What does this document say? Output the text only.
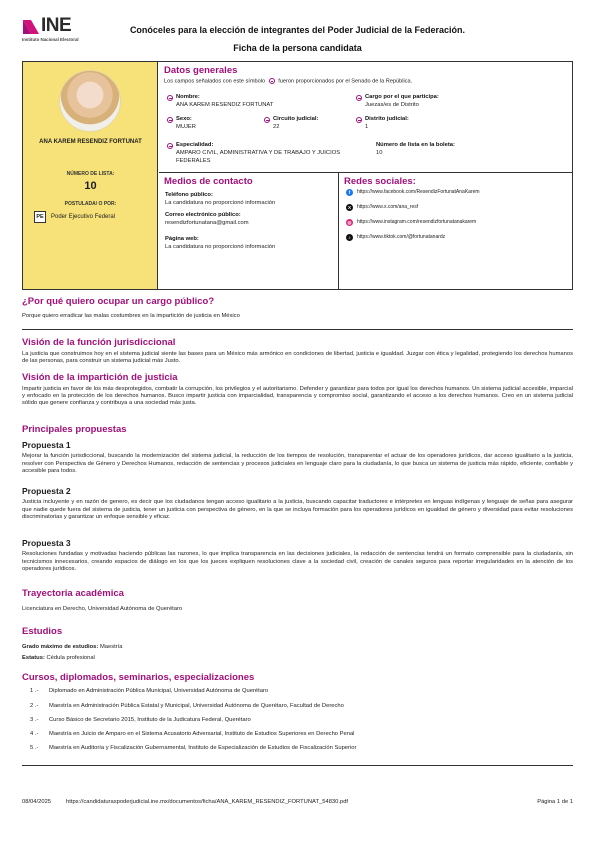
INE
Instituto Nacional Electoral
Conóceles para la elección de integrantes del Poder Judicial de la Federación.
Ficha de la persona candidata
ANA KAREM RESENDIZ FORTUNAT
NÚMERO DE LISTA:
10
POSTULADA/ O POR:
PE	Poder Ejecutivo Federal
Datos generales
Los campos señalados con este símbolo fueron proporcionados por el Senado de la República.
Nombre:
ANA KAREM RESENDIZ FORTUNAT
Cargo por el que participa:
Juezas/es de Distrito
Sexo:
MUJER
Circuito judicial:
22
Distrito judicial:
1
Especialidad:
AMPARO CIVIL, ADMINISTRATIVA Y DE TRABAJO Y JUICIOS FEDERALES
Número de lista en la boleta:
10
Medios de contacto
Teléfono público:
La candidatura no proporcionó información
Correo electrónico público:
resendizfortunatana@gmail.com
Página web:
La candidatura no proporcionó información
Redes sociales:
f	https://www.facebook.com/ResendizFortunatAnaKarem
X	https://www.x.com/ana_resf
◎	https://www.instagram.com/resendizfortunatanakarem
♪	https://www.tiktok.com/@fortunatanardz
¿Por qué quiero ocupar un cargo público?
Porque quiero erradicar las malas costumbres en la impartición de justicia en México
Visión de la función jurisdiccional
La justicia que construimos hoy en el sistema judicial siente las bases para un México más armónico en condiciones de libertad, justicia e igualdad. Juzgar con ética y legalidad, protegiendo los derechos humanos de las personas, para construir un sistema judicial más Justo.
Visión de la impartición de justicia
Impartir justicia en favor de los más desprotegidos, combatir la corrupción, los privilegios y el autoritarismo. Defender y garantizar para todos por igual los derechos humanos. Un sistema judicial accesible, imparcial y enfocado en la protección de los derechos humanos. Busco impartir justicia con imparcialidad, transparencia y compromiso social, garantizando el acceso a los derechos humanos. Creo en un sistema judicial sólido que genere confianza y contribuya a una sociedad más justa.
Principales propuestas
Propuesta 1
Mejorar la función jurisdiccional, buscando la modernización del sistema judicial, la reducción de los tiempos de resolución, transparentar el actuar de los operadores jurídicos, dar acceso igualitario a la justicia, resolver con Perspectiva de Género y Derechos Humanos, redacción de sentencias y procesos judiciales en lenguaje claro para la ciudadanía, lo que busca un sistema de justicia más rápido, eficiente, confiable y accesible para todos.
Propuesta 2
Justicia incluyente y en razón de genero, es decir que los ciudadanos tengan acceso igualitario a la justicia, buscando capacitar traductores e intérpretes en lenguas indígenas y lenguaje de señas para asegurar que nadie quede fuera del sistema de justicia, tener un justicia con perspectiva de género, en la que se incluya formación para los operadores jurídicos en igualdad de género y diversidad para evitar resoluciones discriminatorias y garantizar un enfoque sensible y eficaz.
Propuesta 3
Resoluciones fundadas y motivadas haciendo públicas las razones, lo que implica transparencia en las decisiones judiciales, la redacción de sentencias tendrá un formato comprensible para la ciudadanía, sin tecnicismos innecesarios, creando espacios de diálogo en los que los jueces expliquen resoluciones clave a la sociedad civil, creación de canales seguros para reportar irregularidades en la atención de los operadores jurídicos.
Trayectoria académica
Licenciatura en Derecho, Universidad Autónoma de Querétaro
Estudios
Grado máximo de estudios: Maestría
Estatus: Cédula profesional
Cursos, diplomados, seminarios, especializaciones
1 .- Diplomado en Administración Pública Municipal, Universidad Autónoma de Querétaro
2 .- Maestría en Administración Pública Estatal y Municipal, Universidad Autónoma de Querétaro, Facultad de Derecho
3 .- Curso Básico de Secretario 2015, Instituto de la Judicatura Federal, Querétaro
4 .- Maestría en Juicio de Amparo en el Sistema Acusatorio Adversarial, Instituto de Estudios Superiores en Derecho Penal
5 .- Maestría en Auditoría y Fiscalización Gubernamental, Instituto de Especialización de Estudios de Fiscalización Superior
08/04/2025	https://candidaturaspoderjudicial.ine.mx/documentos/ficha/ANA_KAREM_RESENDIZ_FORTUNAT_54830.pdf	Página 1 de 1
